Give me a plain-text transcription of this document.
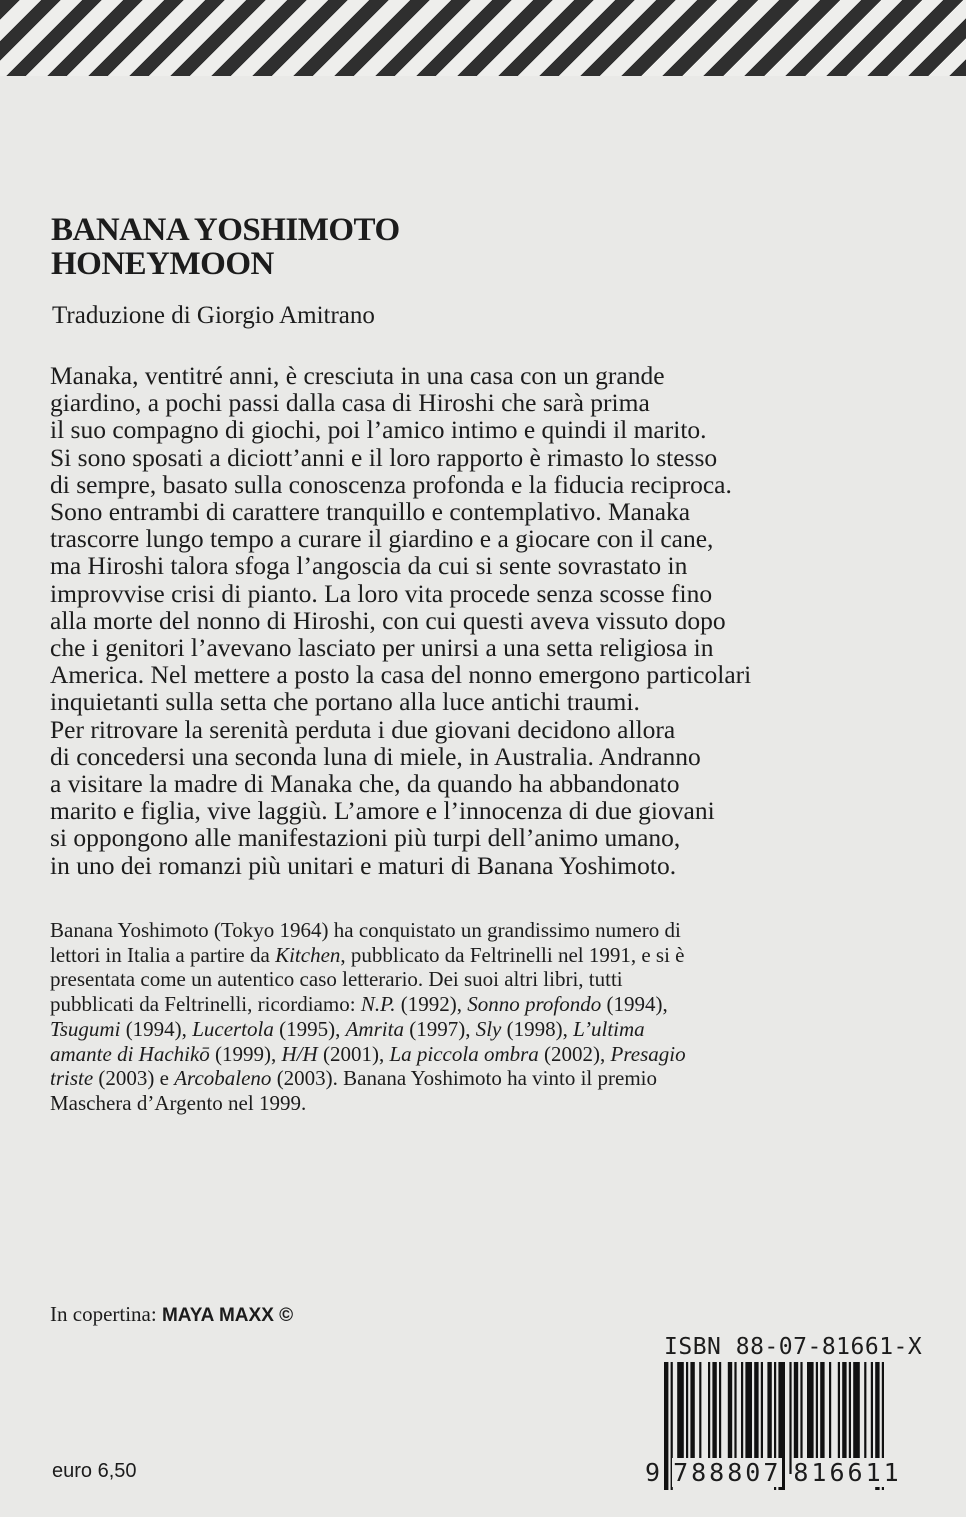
BANANA YOSHIMOTO
HONEYMOON
Traduzione di Giorgio Amitrano
Manaka, ventitré anni, è cresciuta in una casa con un grande
giardino, a pochi passi dalla casa di Hiroshi che sarà prima
il suo compagno di giochi, poi l’amico intimo e quindi il marito.
Si sono sposati a diciott’anni e il loro rapporto è rimasto lo stesso
di sempre, basato sulla conoscenza profonda e la fiducia reciproca.
Sono entrambi di carattere tranquillo e contemplativo. Manaka
trascorre lungo tempo a curare il giardino e a giocare con il cane,
ma Hiroshi talora sfoga l’angoscia da cui si sente sovrastato in
improvvise crisi di pianto. La loro vita procede senza scosse fino
alla morte del nonno di Hiroshi, con cui questi aveva vissuto dopo
che i genitori l’avevano lasciato per unirsi a una setta religiosa in
America. Nel mettere a posto la casa del nonno emergono particolari
inquietanti sulla setta che portano alla luce antichi traumi.
Per ritrovare la serenità perduta i due giovani decidono allora
di concedersi una seconda luna di miele, in Australia. Andranno
a visitare la madre di Manaka che, da quando ha abbandonato
marito e figlia, vive laggiù. L’amore e l’innocenza di due giovani
si oppongono alle manifestazioni più turpi dell’animo umano,
in uno dei romanzi più unitari e maturi di Banana Yoshimoto.
Banana Yoshimoto (Tokyo 1964) ha conquistato un grandissimo numero di
lettori in Italia a partire da Kitchen, pubblicato da Feltrinelli nel 1991, e si è
presentata come un autentico caso letterario. Dei suoi altri libri, tutti
pubblicati da Feltrinelli, ricordiamo: N.P. (1992), Sonno profondo (1994),
Tsugumi (1994), Lucertola (1995), Amrita (1997), Sly (1998), L’ultima
amante di Hachikō (1999), H/H (2001), La piccola ombra (2002), Presagio
triste (2003) e Arcobaleno (2003). Banana Yoshimoto ha vinto il premio
Maschera d’Argento nel 1999.
In copertina: MAYA MAXX ©
euro 6,50
ISBN 88-07-81661-X
9 788807 816611
